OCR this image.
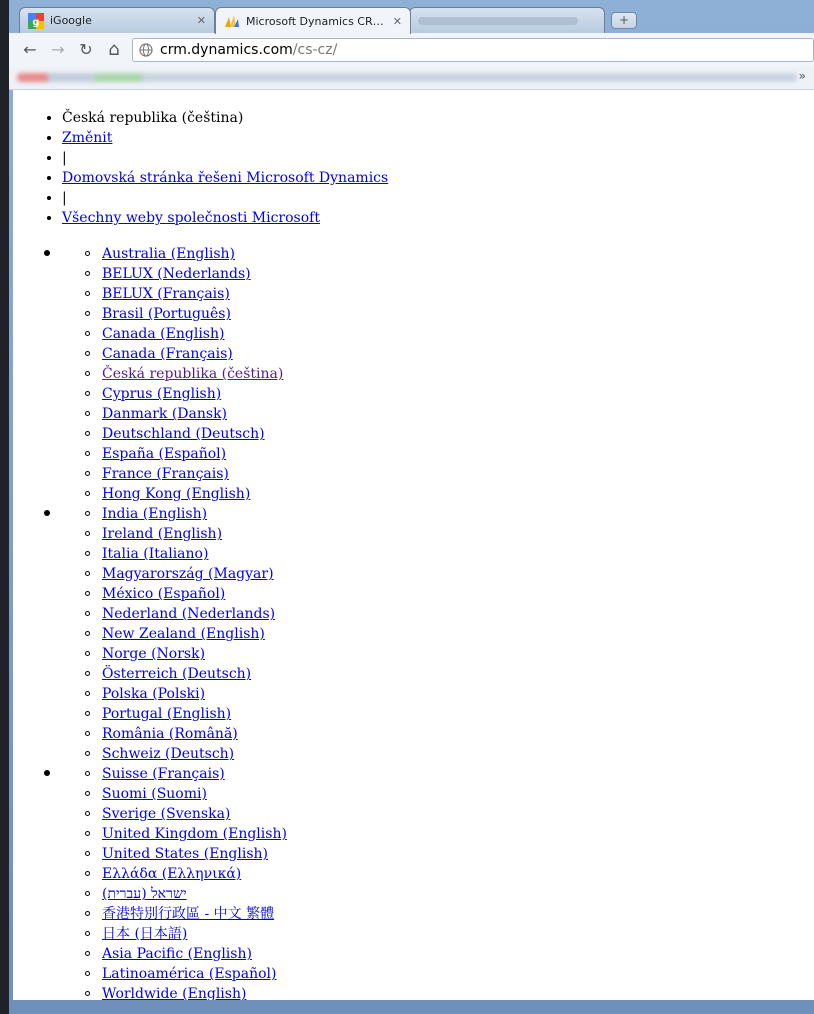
g iGoogle	✕	Microsoft Dynamics CR… ✕	+
← → ↻ ⌂	crm.dynamics.com /cs-cz/
»
• Česká republika (čeština)
• Změnit
• |
• Domovská stránka řešeni Microsoft Dynamics
• |
• Všechny weby společnosti Microsoft
Australia (English)
BELUX (Nederlands)
BELUX (Français)
Brasil (Português)
Canada (English)
Canada (Français)
Česká republika (čeština)
Cyprus (English)
Danmark (Dansk)
Deutschland (Deutsch)
España (Español)
France (Français)
Hong Kong (English)
India (English)
Ireland (English)
Italia (Italiano)
Magyarország (Magyar)
México (Español)
Nederland (Nederlands)
New Zealand (English)
Norge (Norsk)
Österreich (Deutsch)
Polska (Polski)
Portugal (English)
România (Română)
Schweiz (Deutsch)
Suisse (Français)
Suomi (Suomi)
Sverige (Svenska)
United Kingdom (English)
United States (English)
Ελλάδα (Ελληνικά)
ישראל (עברית)
香港特別行政區 - 中文 繁體
日本 (日本語)
Asia Pacific (English)
Latinoamérica (Español)
Worldwide (English)
